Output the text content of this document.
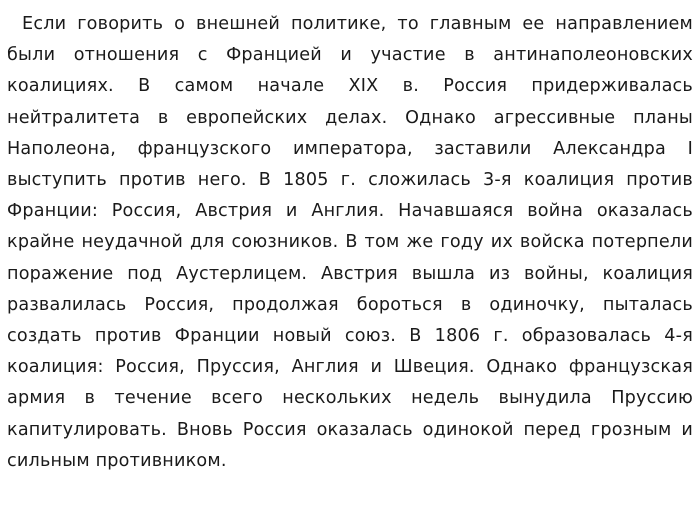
Если говорить о внешней политике, то главным ее направлением были отношения с Францией и участие в антинаполеоновских коалициях. В самом начале XIX в. Россия придерживалась нейтралитета в европейских делах. Однако агрессивные планы Наполеона, французского императора, заставили Александра I выступить против него. В 1805 г. сложилась 3-я коалиция против Франции: Россия, Австрия и Англия. Начавшаяся война оказалась крайне неудачной для союзников. В том же году их войска потерпели поражение под Аустерлицем. Австрия вышла из войны, коалиция развалилась Россия, продолжая бороться в одиночку, пыталась создать против Франции новый союз. В 1806 г. образовалась 4-я коалиция: Россия, Пруссия, Англия и Швеция. Однако французская армия в течение всего нескольких недель вынудила Пруссию капитулировать. Вновь Россия оказалась одинокой перед грозным и сильным противником.
